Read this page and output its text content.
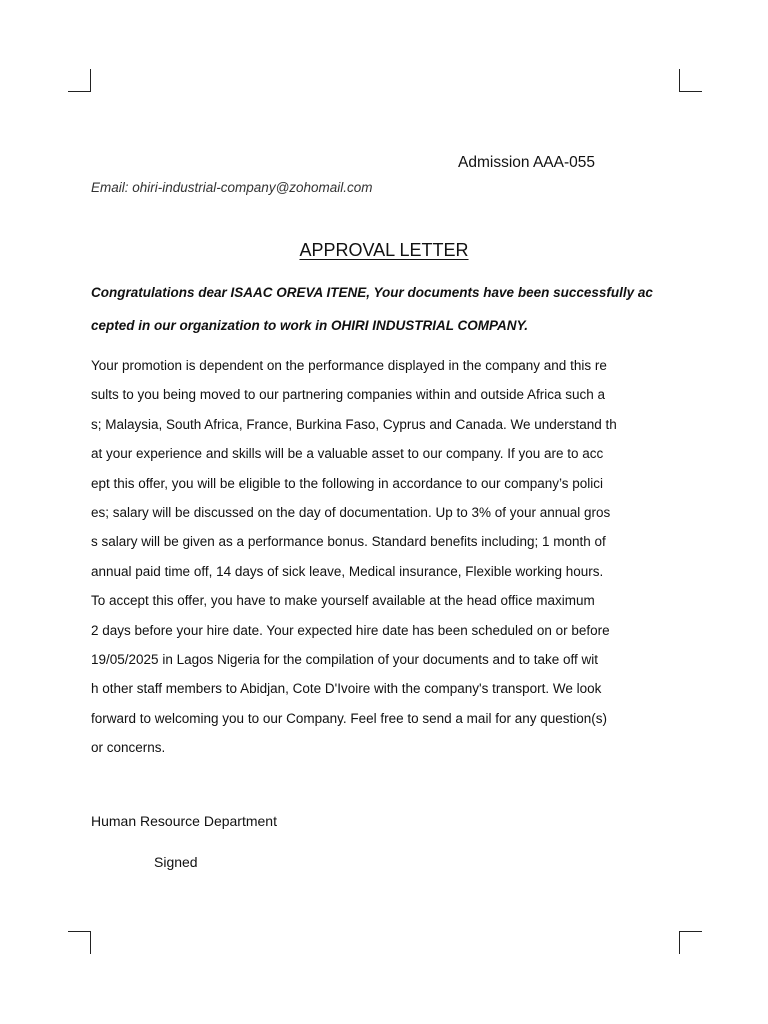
Admission AAA-055
Email: ohiri-industrial-company@zohomail.com
APPROVAL LETTER
Congratulations dear ISAAC OREVA ITENE, Your documents have been successfully ac
cepted in our organization to work in OHIRI INDUSTRIAL COMPANY.
Your promotion is dependent on the performance displayed in the company and this re
sults to you being moved to our partnering companies within and outside Africa such a
s; Malaysia, South Africa, France, Burkina Faso, Cyprus and Canada. We understand th
at your experience and skills will be a valuable asset to our company. If you are to acc
ept this offer, you will be eligible to the following in accordance to our company’s polici
es; salary will be discussed on the day of documentation. Up to 3% of your annual gros
s salary will be given as a performance bonus. Standard benefits including; 1 month of
annual paid time off, 14 days of sick leave, Medical insurance, Flexible working hours.
To accept this offer, you have to make yourself available at the head office maximum
2 days before your hire date. Your expected hire date has been scheduled on or before
19/05/2025 in Lagos Nigeria for the compilation of your documents and to take off wit
h other staff members to Abidjan, Cote D'Ivoire with the company's transport. We look
forward to welcoming you to our Company. Feel free to send a mail for any question(s)
or concerns.
Human Resource Department
Signed
